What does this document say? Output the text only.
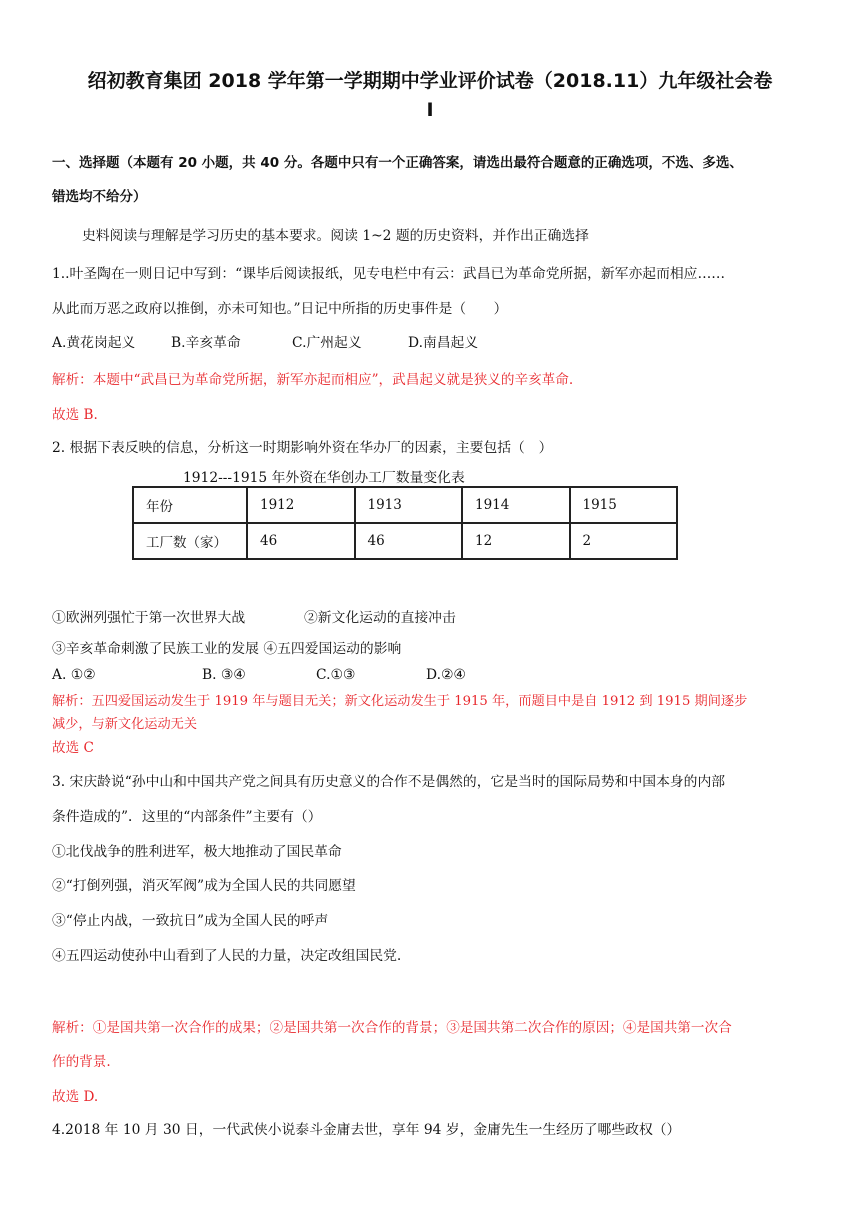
绍初教育集团 2018 学年第一学期期中学业评价试卷（2018.11）九年级社会卷
I
一、选择题（本题有 20 小题，共 40 分。各题中只有一个正确答案，请选出最符合题意的正确选项，不选、多选、
错选均不给分）
史料阅读与理解是学习历史的基本要求。阅读 1~2 题的历史资料，并作出正确选择
1..叶圣陶在一则日记中写到：“课毕后阅读报纸，见专电栏中有云：武昌已为革命党所据，新军亦起而相应……
从此而万恶之政府以推倒，亦未可知也。”日记中所指的历史事件是（　　）
A.黄花岗起义	B.辛亥革命	C.广州起义	D.南昌起义
解析：本题中“武昌已为革命党所据，新军亦起而相应”，武昌起义就是狭义的辛亥革命.
故选 B.
2. 根据下表反映的信息，分析这一时期影响外资在华办厂的因素，主要包括（　）
1912---1915 年外资在华创办工厂数量变化表
年份	1912	1913	1914	1915
工厂数（家）	46	46	12	2
①欧洲列强忙于第一次世界大战	②新文化运动的直接冲击
③辛亥革命刺激了民族工业的发展 ④五四爱国运动的影响
A. ①②	B. ③④	C.①③	D.②④
解析：五四爱国运动发生于 1919 年与题目无关；新文化运动发生于 1915 年，而题目中是自 1912 到 1915 期间逐步
减少，与新文化运动无关
故选 C
3. 宋庆龄说“孙中山和中国共产党之间具有历史意义的合作不是偶然的，它是当时的国际局势和中国本身的内部
条件造成的”．这里的“内部条件”主要有（）
①北伐战争的胜利进军，极大地推动了国民革命
②“打倒列强，消灭军阀”成为全国人民的共同愿望
③“停止内战，一致抗日”成为全国人民的呼声
④五四运动使孙中山看到了人民的力量，决定改组国民党.
解析：①是国共第一次合作的成果；②是国共第一次合作的背景；③是国共第二次合作的原因；④是国共第一次合
作的背景.
故选 D.
4.2018 年 10 月 30 日，一代武侠小说泰斗金庸去世，享年 94 岁，金庸先生一生经历了哪些政权（）
